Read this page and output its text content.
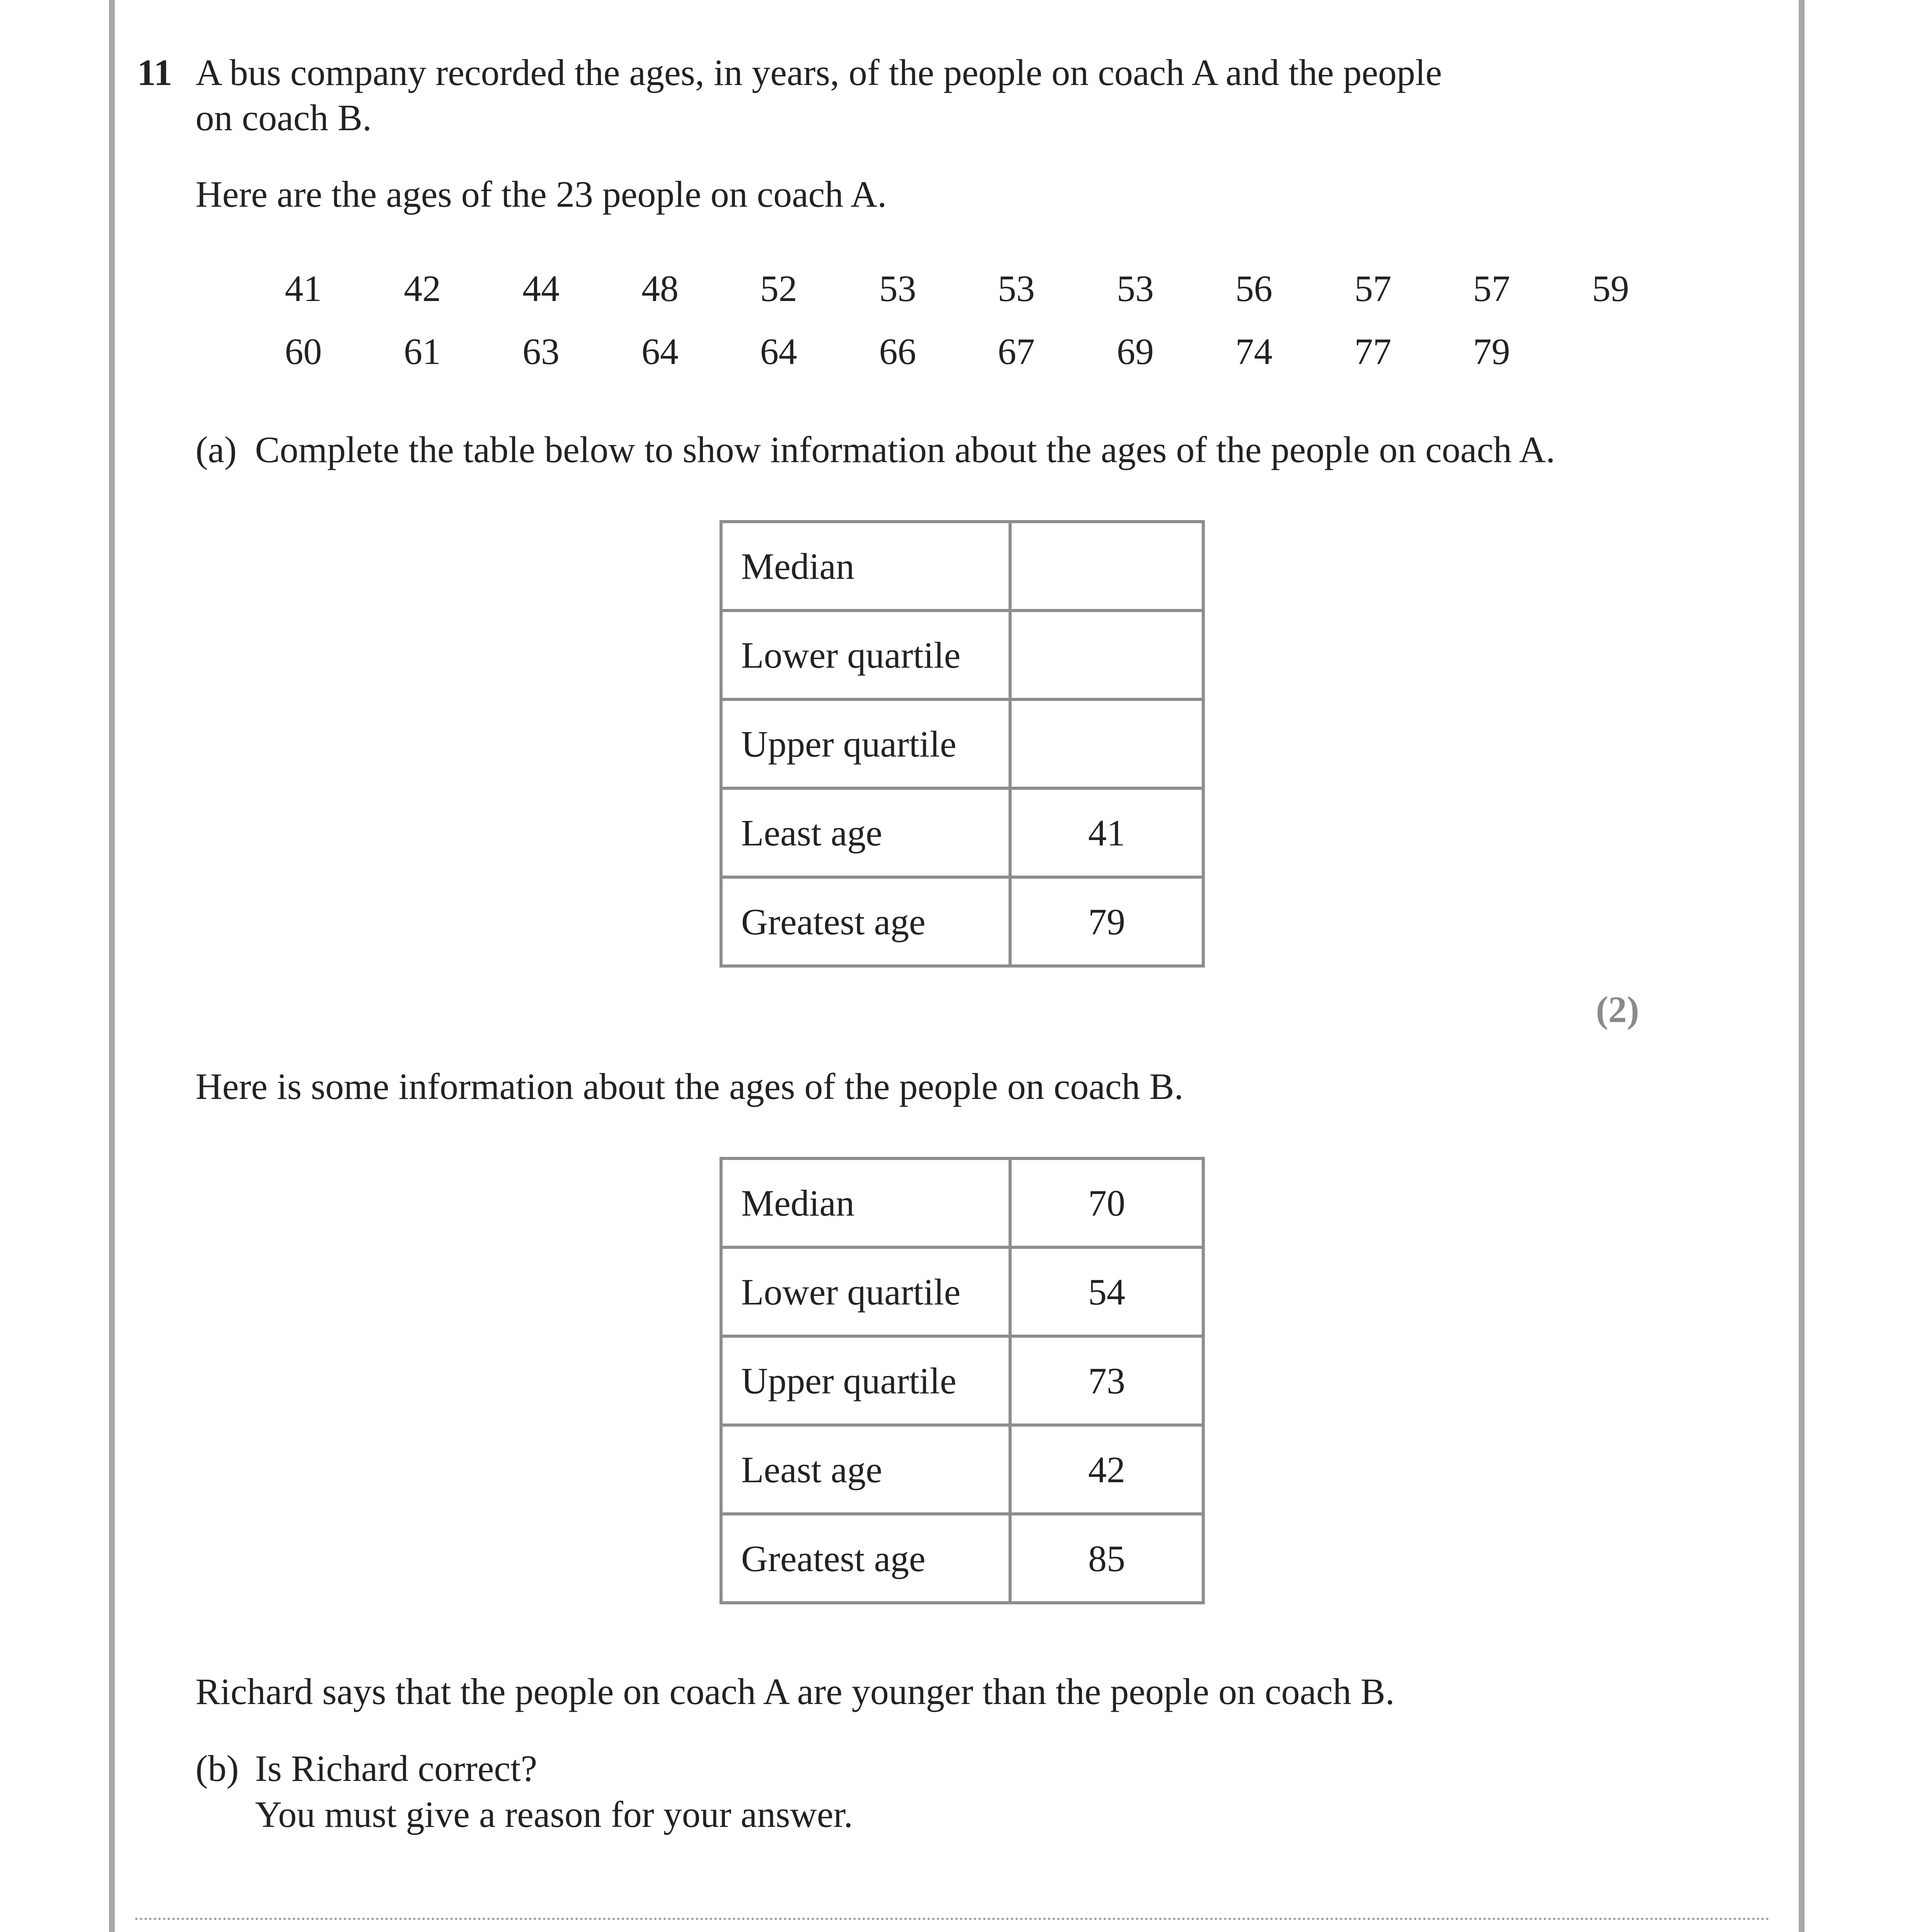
11 A bus company recorded the ages, in years, of the people on coach A and the people
on coach B.
Here are the ages of the 23 people on coach A.
41	42	44	48	52	53	53	53	56	57	57	59
60	61	63	64	64	66	67	69	74	77	79
(a) Complete the table below to show information about the ages of the people on coach A.
Median	
Lower quartile	
Upper quartile	
Least age	41
Greatest age	79
(2)
Here is some information about the ages of the people on coach B.
Median	70
Lower quartile	54
Upper quartile	73
Least age	42
Greatest age	85
Richard says that the people on coach A are younger than the people on coach B.
(b) Is Richard correct?
You must give a reason for your answer.
